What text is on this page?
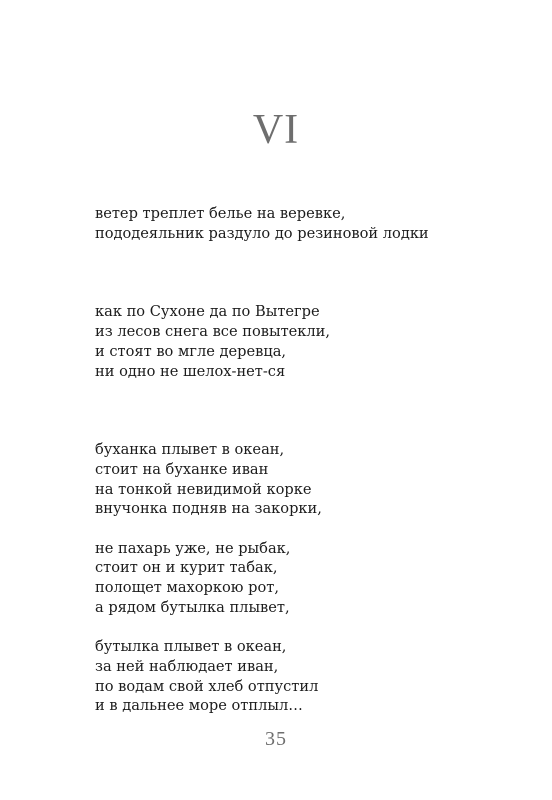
VI
ветер треплет белье на веревке,
пододеяльник раздуло до резиновой лодки
как по Сухоне да по Вытегре
из лесов снега все повытекли,
и стоят во мгле деревца,
ни одно не шелох-нет-ся
буханка плывет в океан,
стоит на буханке иван
на тонкой невидимой корке
внучонка подняв на закорки,
не пахарь уже, не рыбак,
стоит он и курит табак,
полощет махоркою рот,
а рядом бутылка плывет,
бутылка плывет в океан,
за ней наблюдает иван,
по водам свой хлеб отпустил
и в дальнее море отплыл…
35
